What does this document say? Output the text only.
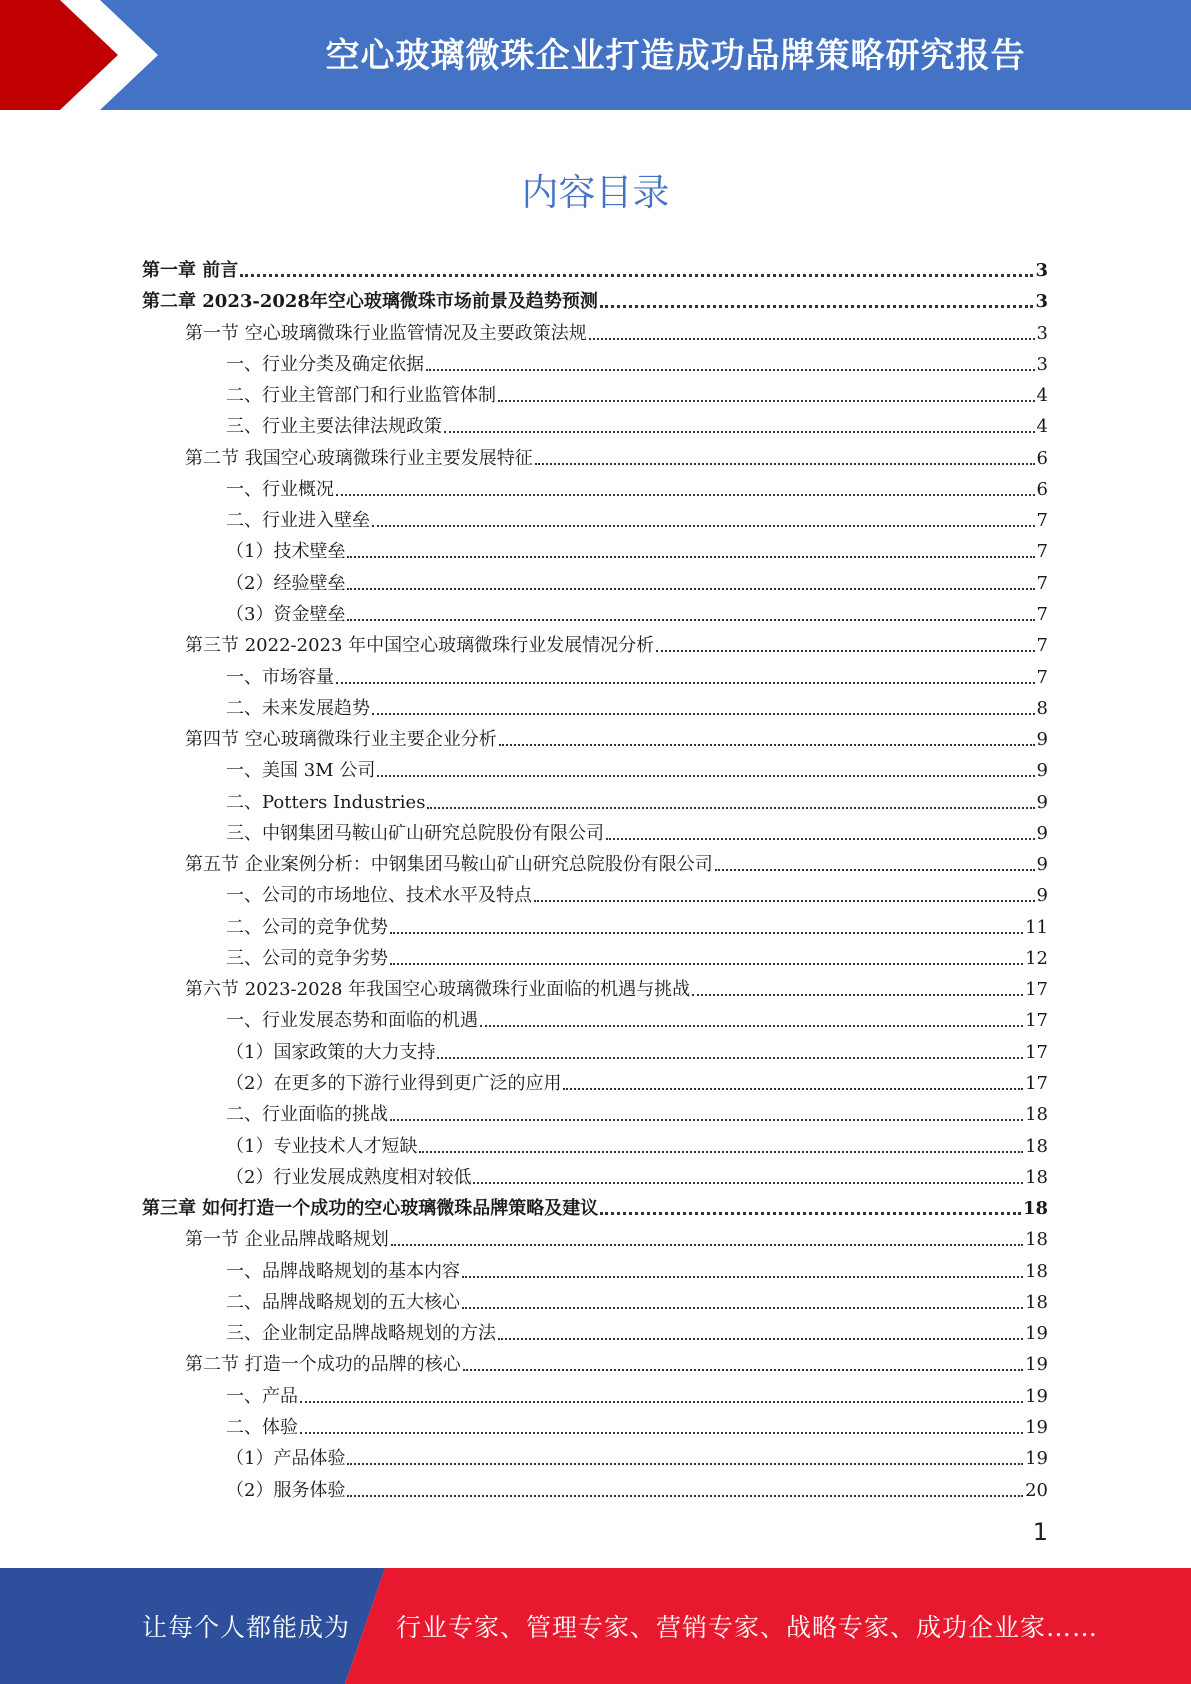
空心玻璃微珠企业打造成功品牌策略研究报告
内容目录
第一章 前言	3
第二章 2023-2028年空心玻璃微珠市场前景及趋势预测	3
第一节 空心玻璃微珠行业监管情况及主要政策法规	3
一、行业分类及确定依据	3
二、行业主管部门和行业监管体制	4
三、行业主要法律法规政策	4
第二节 我国空心玻璃微珠行业主要发展特征	6
一、行业概况	6
二、行业进入壁垒	7
（1）技术壁垒	7
（2）经验壁垒	7
（3）资金壁垒	7
第三节 2022-2023 年中国空心玻璃微珠行业发展情况分析	7
一、市场容量	7
二、未来发展趋势	8
第四节 空心玻璃微珠行业主要企业分析	9
一、美国 3M 公司	9
二、Potters Industries	9
三、中钢集团马鞍山矿山研究总院股份有限公司	9
第五节 企业案例分析：中钢集团马鞍山矿山研究总院股份有限公司	9
一、公司的市场地位、技术水平及特点	9
二、公司的竞争优势	11
三、公司的竞争劣势	12
第六节 2023-2028 年我国空心玻璃微珠行业面临的机遇与挑战	17
一、行业发展态势和面临的机遇	17
（1）国家政策的大力支持	17
（2）在更多的下游行业得到更广泛的应用	17
二、行业面临的挑战	18
（1）专业技术人才短缺	18
（2）行业发展成熟度相对较低	18
第三章 如何打造一个成功的空心玻璃微珠品牌策略及建议	18
第一节 企业品牌战略规划	18
一、品牌战略规划的基本内容	18
二、品牌战略规划的五大核心	18
三、企业制定品牌战略规划的方法	19
第二节 打造一个成功的品牌的核心	19
一、产品	19
二、体验	19
（1）产品体验	19
（2）服务体验	20
1
让每个人都能成为 行业专家、管理专家、营销专家、战略专家、成功企业家……
